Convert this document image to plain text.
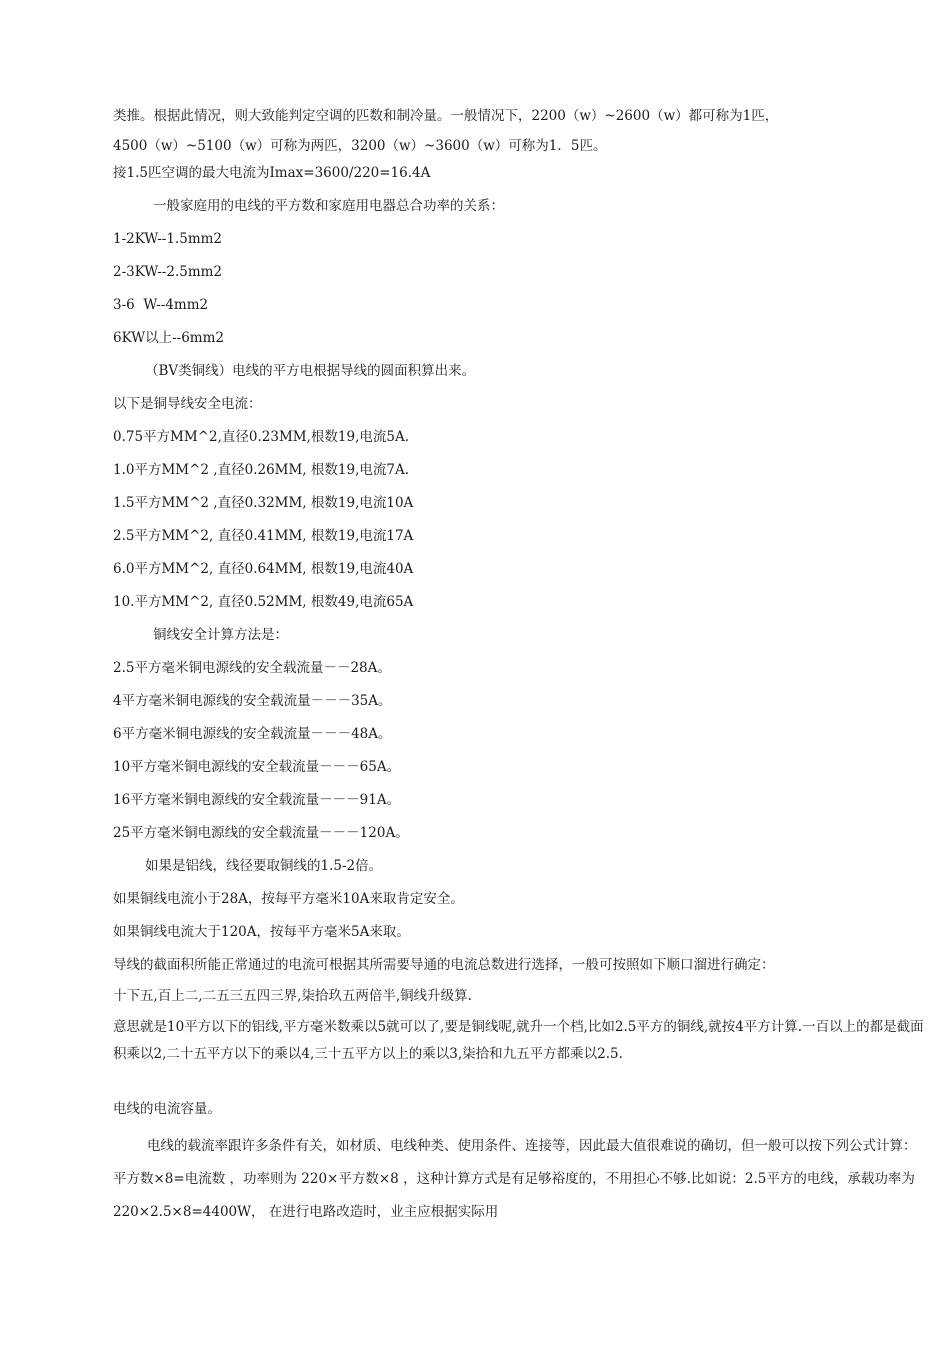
类推。根据此情况，则大致能判定空调的匹数和制冷量。一般情况下，2200（w）~2600（w）都可称为1匹，
4500（w）~5100（w）可称为两匹，3200（w）~3600（w）可称为1．5匹。
接1.5匹空调的最大电流为Imax=3600/220=16.4A
一般家庭用的电线的平方数和家庭用电器总合功率的关系：
1-2KW--1.5mm2
2-3KW--2.5mm2
3-6  W--4mm2
6KW以上--6mm2
（BV类铜线）电线的平方电根据导线的圆面积算出来。
以下是铜导线安全电流：
0.75平方MM^2,直径0.23MM,根数19,电流5A.
1.0平方MM^2 ,直径0.26MM, 根数19,电流7A.
1.5平方MM^2 ,直径0.32MM, 根数19,电流10A
2.5平方MM^2, 直径0.41MM, 根数19,电流17A
6.0平方MM^2, 直径0.64MM, 根数19,电流40A
10.平方MM^2, 直径0.52MM, 根数49,电流65A
铜线安全计算方法是：
2.5平方毫米铜电源线的安全载流量－－28A。
4平方毫米铜电源线的安全载流量－－－35A。
6平方毫米铜电源线的安全载流量－－－48A。
10平方毫米铜电源线的安全载流量－－－65A。
16平方毫米铜电源线的安全载流量－－－91A。
25平方毫米铜电源线的安全载流量－－－120A。
如果是铝线，线径要取铜线的1.5-2倍。
如果铜线电流小于28A，按每平方毫米10A来取肯定安全。
如果铜线电流大于120A，按每平方毫米5A来取。
导线的截面积所能正常通过的电流可根据其所需要导通的电流总数进行选择，一般可按照如下顺口溜进行确定：
十下五,百上二,二五三五四三界,柒拾玖五两倍半,铜线升级算.
意思就是10平方以下的铝线,平方毫米数乘以5就可以了,要是铜线呢,就升一个档,比如2.5平方的铜线,就按4平方计算.一百以上的都是截面积乘以2,二十五平方以下的乘以4,三十五平方以上的乘以3,柒拾和九五平方都乘以2.5.
电线的电流容量。
电线的载流率跟许多条件有关，如材质、电线种类、使用条件、连接等，因此最大值很难说的确切，但一般可以按下列公式计算：平方数×8=电流数 ，功率则为 220×平方数×8 ，这种计算方式是有足够裕度的，不用担心不够.比如说：2.5平方的电线，承载功率为220×2.5×8=4400W， 在进行电路改造时，业主应根据实际用
